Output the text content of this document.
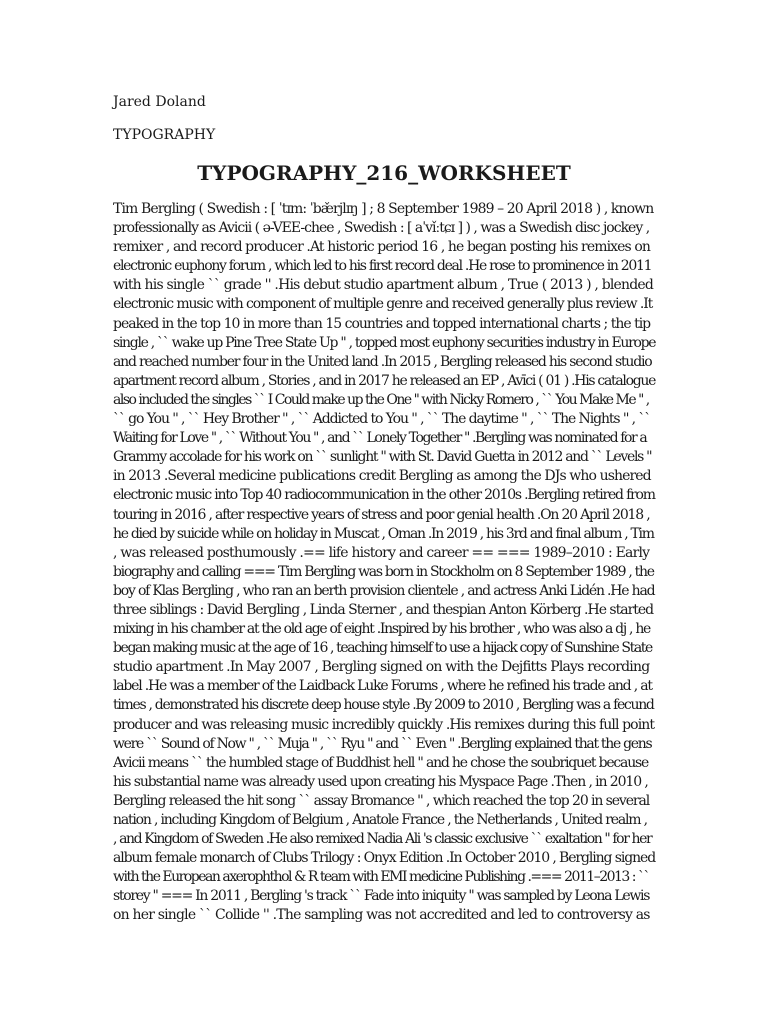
Jared Doland
TYPOGRAPHY
TYPOGRAPHY_216_WORKSHEET
Tim Bergling ( Swedish : [ ˈtɪm: ˈbæ̌rjlɪŋ ] ; 8 September 1989 – 20 April 2018 ) , known
professionally as Avicii ( ə-VEE-chee , Swedish : [ aˈvǐːtɕɪ ] ) , was a Swedish disc jockey ,
remixer , and record producer .At historic period 16 , he began posting his remixes on
electronic euphony forum , which led to his first record deal .He rose to prominence in 2011
with his single `` grade '' .His debut studio apartment album , True ( 2013 ) , blended
electronic music with component of multiple genre and received generally plus review .It
peaked in the top 10 in more than 15 countries and topped international charts ; the tip
single , `` wake up Pine Tree State Up '' , topped most euphony securities industry in Europe
and reached number four in the United land .In 2015 , Bergling released his second studio
apartment record album , Stories , and in 2017 he released an EP , Avīci ( 01 ) .His catalogue
also included the singles `` I Could make up the One '' with Nicky Romero , `` You Make Me '' ,
`` go You '' , `` Hey Brother '' , `` Addicted to You '' , `` The daytime '' , `` The Nights '' , ``
Waiting for Love '' , `` Without You '' , and `` Lonely Together '' .Bergling was nominated for a
Grammy accolade for his work on `` sunlight '' with St. David Guetta in 2012 and `` Levels ''
in 2013 .Several medicine publications credit Bergling as among the DJs who ushered
electronic music into Top 40 radiocommunication in the other 2010s .Bergling retired from
touring in 2016 , after respective years of stress and poor genial health .On 20 April 2018 ,
he died by suicide while on holiday in Muscat , Oman .In 2019 , his 3rd and final album , Tim
, was released posthumously .== life history and career == === 1989–2010 : Early
biography and calling === Tim Bergling was born in Stockholm on 8 September 1989 , the
boy of Klas Bergling , who ran an berth provision clientele , and actress Anki Lidén .He had
three siblings : David Bergling , Linda Sterner , and thespian Anton Körberg .He started
mixing in his chamber at the old age of eight .Inspired by his brother , who was also a dj , he
began making music at the age of 16 , teaching himself to use a hijack copy of Sunshine State
studio apartment .In May 2007 , Bergling signed on with the Dejfitts Plays recording
label .He was a member of the Laidback Luke Forums , where he refined his trade and , at
times , demonstrated his discrete deep house style .By 2009 to 2010 , Bergling was a fecund
producer and was releasing music incredibly quickly .His remixes during this full point
were `` Sound of Now '' , `` Muja '' , `` Ryu '' and `` Even '' .Bergling explained that the gens
Avicii means `` the humbled stage of Buddhist hell '' and he chose the soubriquet because
his substantial name was already used upon creating his Myspace Page .Then , in 2010 ,
Bergling released the hit song `` assay Bromance '' , which reached the top 20 in several
nation , including Kingdom of Belgium , Anatole France , the Netherlands , United realm ,
, and Kingdom of Sweden .He also remixed Nadia Ali 's classic exclusive `` exaltation '' for her
album female monarch of Clubs Trilogy : Onyx Edition .In October 2010 , Bergling signed
with the European axerophthol & R team with EMI medicine Publishing .=== 2011–2013 : ``
storey '' === In 2011 , Bergling 's track `` Fade into iniquity '' was sampled by Leona Lewis
on her single `` Collide '' .The sampling was not accredited and led to controversy as
